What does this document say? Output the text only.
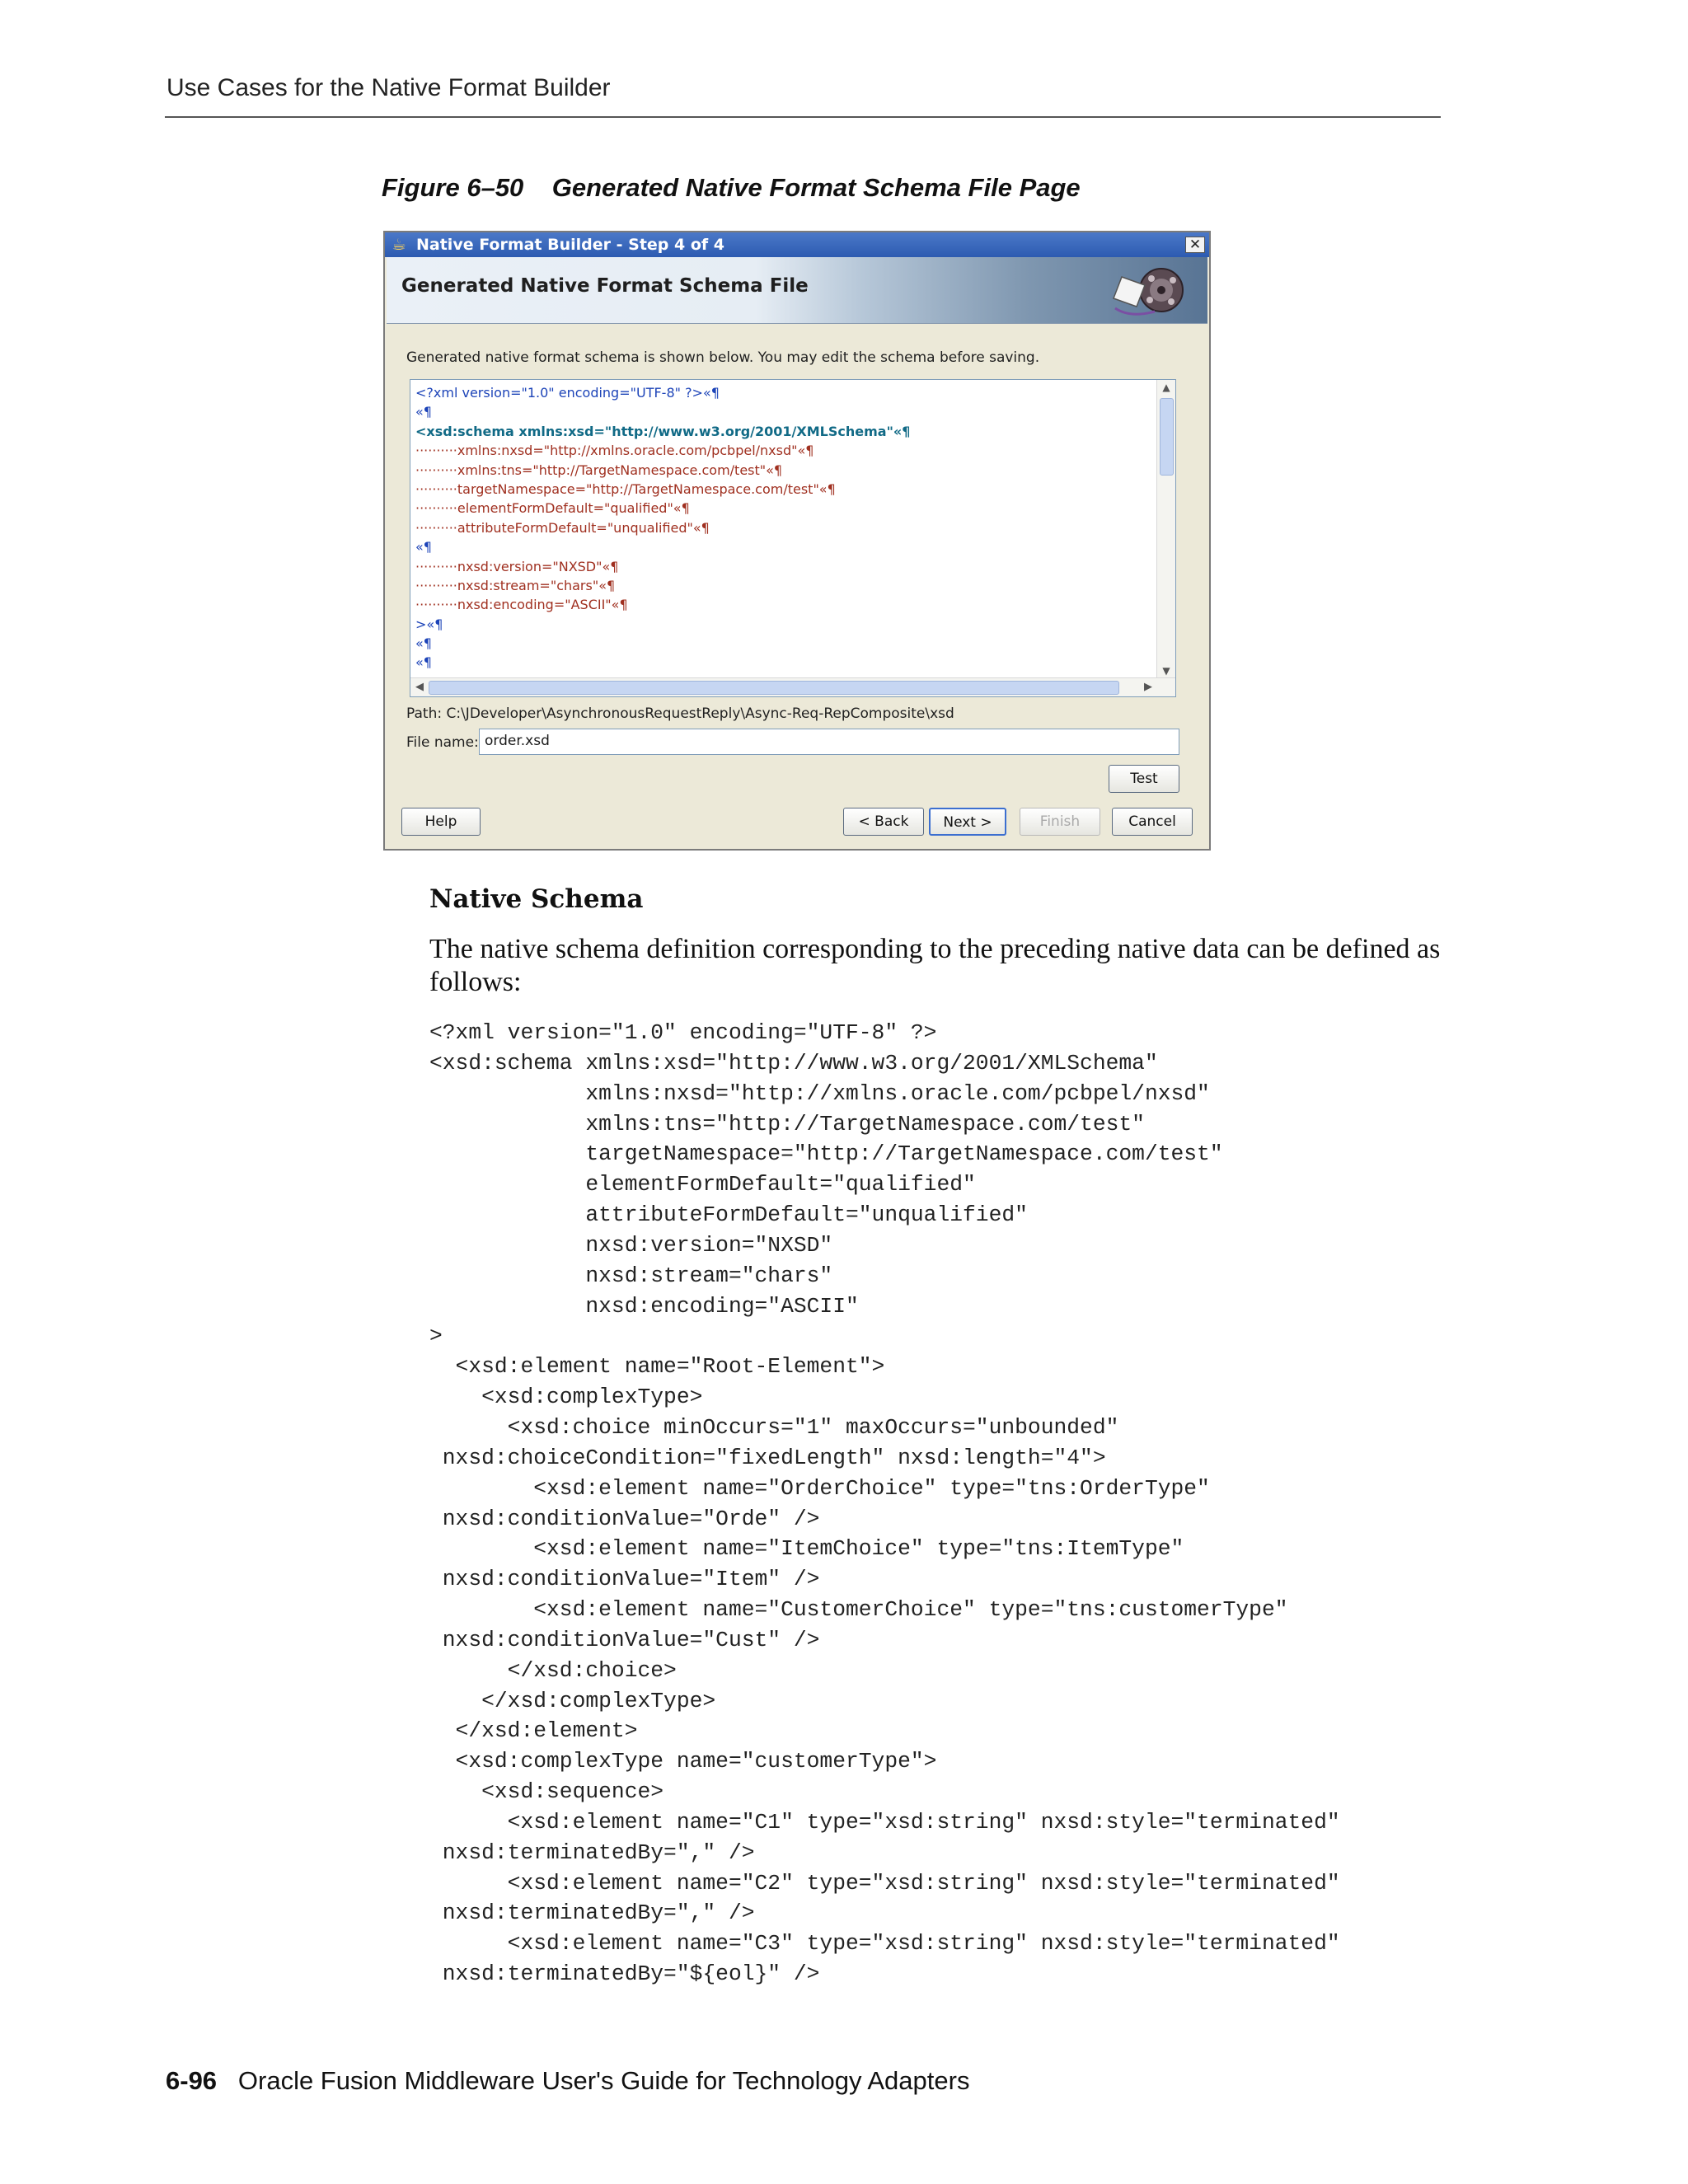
Use Cases for the Native Format Builder
Figure 6–50 Generated Native Format Schema File Page
☕ Native Format Builder - Step 4 of 4	✕
Generated Native Format Schema File
Generated native format schema is shown below. You may edit the schema before saving.
<?xml version="1.0" encoding="UTF-8" ?>«¶
«¶
<xsd:schema xmlns:xsd="http://www.w3.org/2001/XMLSchema"«¶
··········xmlns:nxsd="http://xmlns.oracle.com/pcbpel/nxsd"«¶
··········xmlns:tns="http://TargetNamespace.com/test"«¶
··········targetNamespace="http://TargetNamespace.com/test"«¶
··········elementFormDefault="qualified"«¶
··········attributeFormDefault="unqualified"«¶
«¶
··········nxsd:version="NXSD"«¶
··········nxsd:stream="chars"«¶
··········nxsd:encoding="ASCII"«¶
>«¶
«¶
«¶
▲
▼
◀	▶
Path: C:\JDeveloper\AsynchronousRequestReply\Async-Req-RepComposite\xsd
File name: order.xsd
Test
Help	< Back	Next >	Finish	Cancel
Native Schema
The native schema definition corresponding to the preceding native data can be defined as follows:
<?xml version="1.0" encoding="UTF-8" ?>
<xsd:schema xmlns:xsd="http://www.w3.org/2001/XMLSchema"
xmlns:nxsd="http://xmlns.oracle.com/pcbpel/nxsd"
xmlns:tns="http://TargetNamespace.com/test"
targetNamespace="http://TargetNamespace.com/test"
elementFormDefault="qualified"
attributeFormDefault="unqualified"
nxsd:version="NXSD"
nxsd:stream="chars"
nxsd:encoding="ASCII"
>
<xsd:element name="Root-Element">
<xsd:complexType>
<xsd:choice minOccurs="1" maxOccurs="unbounded"
nxsd:choiceCondition="fixedLength" nxsd:length="4">
<xsd:element name="OrderChoice" type="tns:OrderType"
nxsd:conditionValue="Orde" />
<xsd:element name="ItemChoice" type="tns:ItemType"
nxsd:conditionValue="Item" />
<xsd:element name="CustomerChoice" type="tns:customerType"
nxsd:conditionValue="Cust" />
</xsd:choice>
</xsd:complexType>
</xsd:element>
<xsd:complexType name="customerType">
<xsd:sequence>
<xsd:element name="C1" type="xsd:string" nxsd:style="terminated"
nxsd:terminatedBy="," />
<xsd:element name="C2" type="xsd:string" nxsd:style="terminated"
nxsd:terminatedBy="," />
<xsd:element name="C3" type="xsd:string" nxsd:style="terminated"
nxsd:terminatedBy="${eol}" />
6-96 Oracle Fusion Middleware User's Guide for Technology Adapters
